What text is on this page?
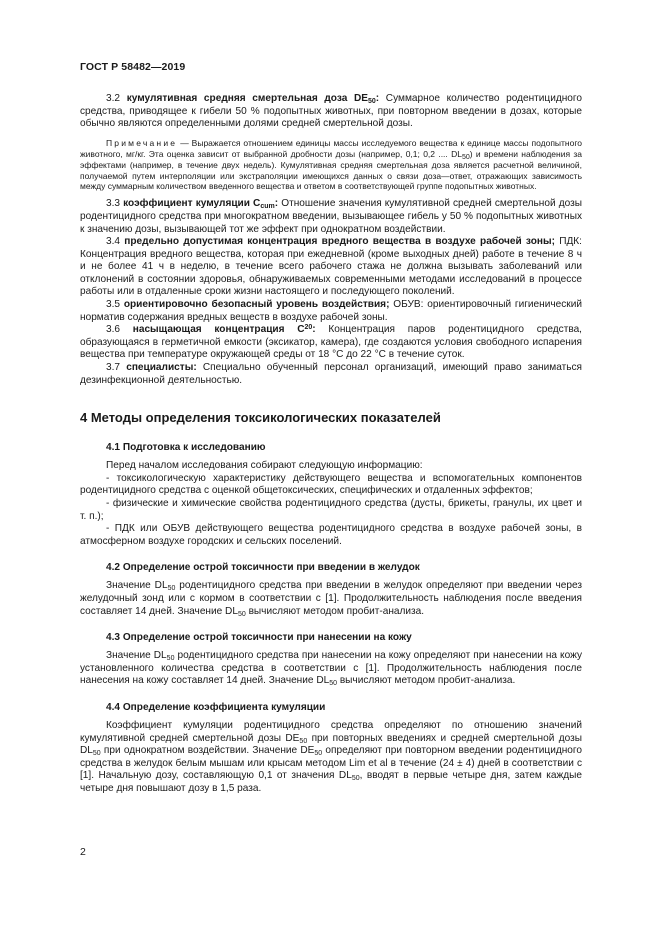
ГОСТ Р 58482—2019

3.2 кумулятивная средняя смертельная доза $DE_{50}$: Суммарное количество родентицидного средства, приводящее к гибели 50 % подопытных животных, при повторном введении в дозах, которые обычно являются определенными долями средней смертельной дозы.

Примечание — Выражается отношением единицы массы исследуемого вещества к единице массы подопытного животного, мг/кг. Эта оценка зависит от выбранной дробности дозы (например, 0,1; 0,2 .... $DL_{50}$) и времени наблюдения за эффектами (например, в течение двух недель). Кумулятивная средняя смертельная доза является расчетной величиной, получаемой путем интерполяции или экстраполяции имеющихся данных о связи доза—ответ, отражающих зависимость между суммарным количеством введенного вещества и ответом в соответствующей группе подопытных животных.

3.3 коэффициент кумуляции $C_{cum}$: Отношение значения кумулятивной средней смертельной дозы родентицидного средства при многократном введении, вызывающее гибель у 50 % подопытных животных к значению дозы, вызывающей тот же эффект при однократном воздействии.

3.4 предельно допустимая концентрация вредного вещества в воздухе рабочей зоны; ПДК: Концентрация вредного вещества, которая при ежедневной (кроме выходных дней) работе в течение 8 ч и не более 41 ч в неделю, в течение всего рабочего стажа не должна вызывать заболеваний или отклонений в состоянии здоровья, обнаруживаемых современными методами исследований в процессе работы или в отдаленные сроки жизни настоящего и последующего поколений.

3.5 ориентировочно безопасный уровень воздействия; ОБУВ: ориентировочный гигиенический норматив содержания вредных веществ в воздухе рабочей зоны.

3.6 насыщающая концентрация $C^{20}$: Концентрация паров родентицидного средства, образующаяся в герметичной емкости (эксикатор, камера), где создаются условия свободного испарения вещества при температуре окружающей среды от 18 °С до 22 °С в течение суток.

3.7 специалисты: Специально обученный персонал организаций, имеющий право заниматься дезинфекционной деятельностью.

4 Методы определения токсикологических показателей
4.1 Подготовка к исследованию

Перед началом исследования собирают следующую информацию:

- токсикологическую характеристику действующего вещества и вспомогательных компонентов родентицидного средства с оценкой общетоксических, специфических и отдаленных эффектов;

- физические и химические свойства родентицидного средства (дусты, брикеты, гранулы, их цвет и т. п.);

- ПДК или ОБУВ действующего вещества родентицидного средства в воздухе рабочей зоны, в атмосферном воздухе городских и сельских поселений.

4.2 Определение острой токсичности при введении в желудок

Значение $DL_{50}$ родентицидного средства при введении в желудок определяют при введении через желудочный зонд или с кормом в соответствии с [1]. Продолжительность наблюдения после введения составляет 14 дней. Значение $DL_{50}$ вычисляют методом пробит-анализа.

4.3 Определение острой токсичности при нанесении на кожу

Значение $DL_{50}$ родентицидного средства при нанесении на кожу определяют при нанесении на кожу установленного количества средства в соответствии с [1]. Продолжительность наблюдения после нанесения на кожу составляет 14 дней. Значение $DL_{50}$ вычисляют методом пробит-анализа.

4.4 Определение коэффициента кумуляции

Коэффициент кумуляции родентицидного средства определяют по отношению значений кумулятивной средней смертельной дозы $DE_{50}$ при повторных введениях и средней смертельной дозы $DL_{50}$ при однократном воздействии. Значение $DE_{50}$ определяют при повторном введении родентицидного средства в желудок белым мышам или крысам методом Lim et al в течение (24 ± 4) дней в соответствии с [1]. Начальную дозу, составляющую 0,1 от значения $DL_{50}$, вводят в первые четыре дня, затем каждые четыре дня повышают дозу в 1,5 раза.

2
